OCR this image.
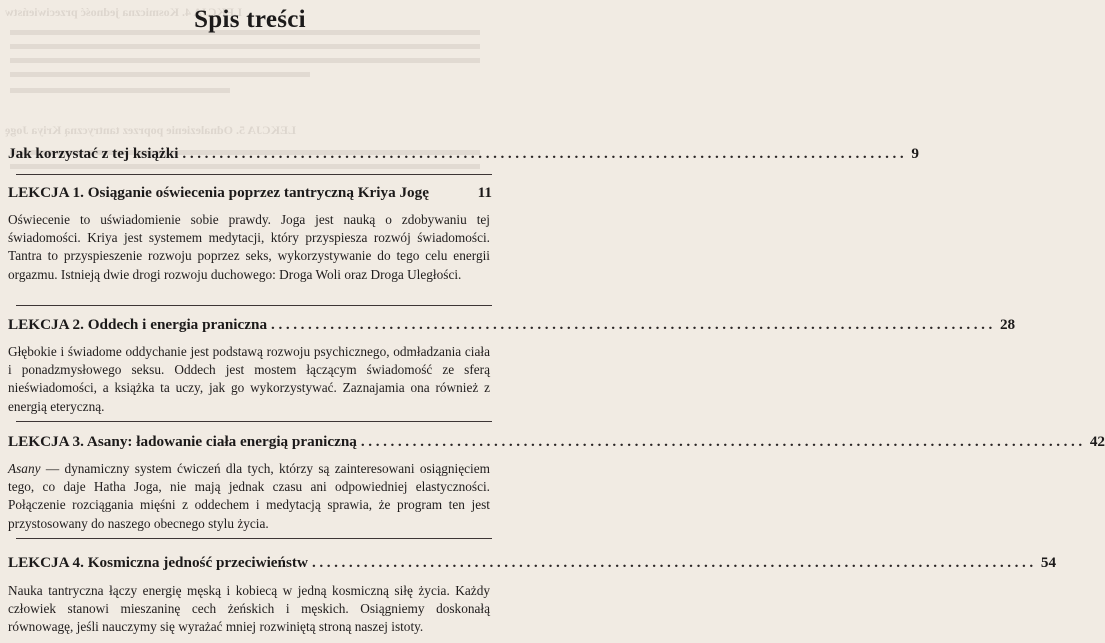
LEKCJA 4. Kosmiczna jedność przeciwieństw
LEKCJA 5. Odnalezienie poprzez tantryczną Kriya Jogę
Spis treści
Jak korzystać z tej książki .................................................................................................. 9
LEKCJA 1. Osiąganie oświecenia poprzez tantryczną Kriya Jogę	11
Oświecenie to uświadomienie sobie prawdy. Joga jest nauką o zdobywaniu tej świadomości. Kriya jest systemem medytacji, który przyspiesza rozwój świadomości. Tantra to przyspieszenie rozwoju poprzez seks, wykorzystywanie do tego celu energii orgazmu. Istnieją dwie drogi rozwoju duchowego: Droga Woli oraz Droga Uległości.
LEKCJA 2. Oddech i energia praniczna .................................................................................................. 28
Głębokie i świadome oddychanie jest podstawą rozwoju psychicznego, odmładzania ciała i ponadzmysłowego seksu. Oddech jest mostem łączącym świadomość ze sferą nieświadomości, a książka ta uczy, jak go wykorzystywać. Zaznajamia ona również z energią eteryczną.
LEKCJA 3. Asany: ładowanie ciała energią praniczną .................................................................................................. 42
Asany — dynamiczny system ćwiczeń dla tych, którzy są zainteresowani osiągnięciem tego, co daje Hatha Joga, nie mają jednak czasu ani odpowiedniej elastyczności. Połączenie rozciągania mięśni z oddechem i medytacją sprawia, że program ten jest przystosowany do naszego obecnego stylu życia.
LEKCJA 4. Kosmiczna jedność przeciwieństw .................................................................................................. 54
Nauka tantryczna łączy energię męską i kobiecą w jedną kosmiczną siłę życia. Każdy człowiek stanowi mieszaninę cech żeńskich i męskich. Osiągniemy doskonałą równowagę, jeśli nauczymy się wyrażać mniej rozwiniętą stroną naszej istoty.
